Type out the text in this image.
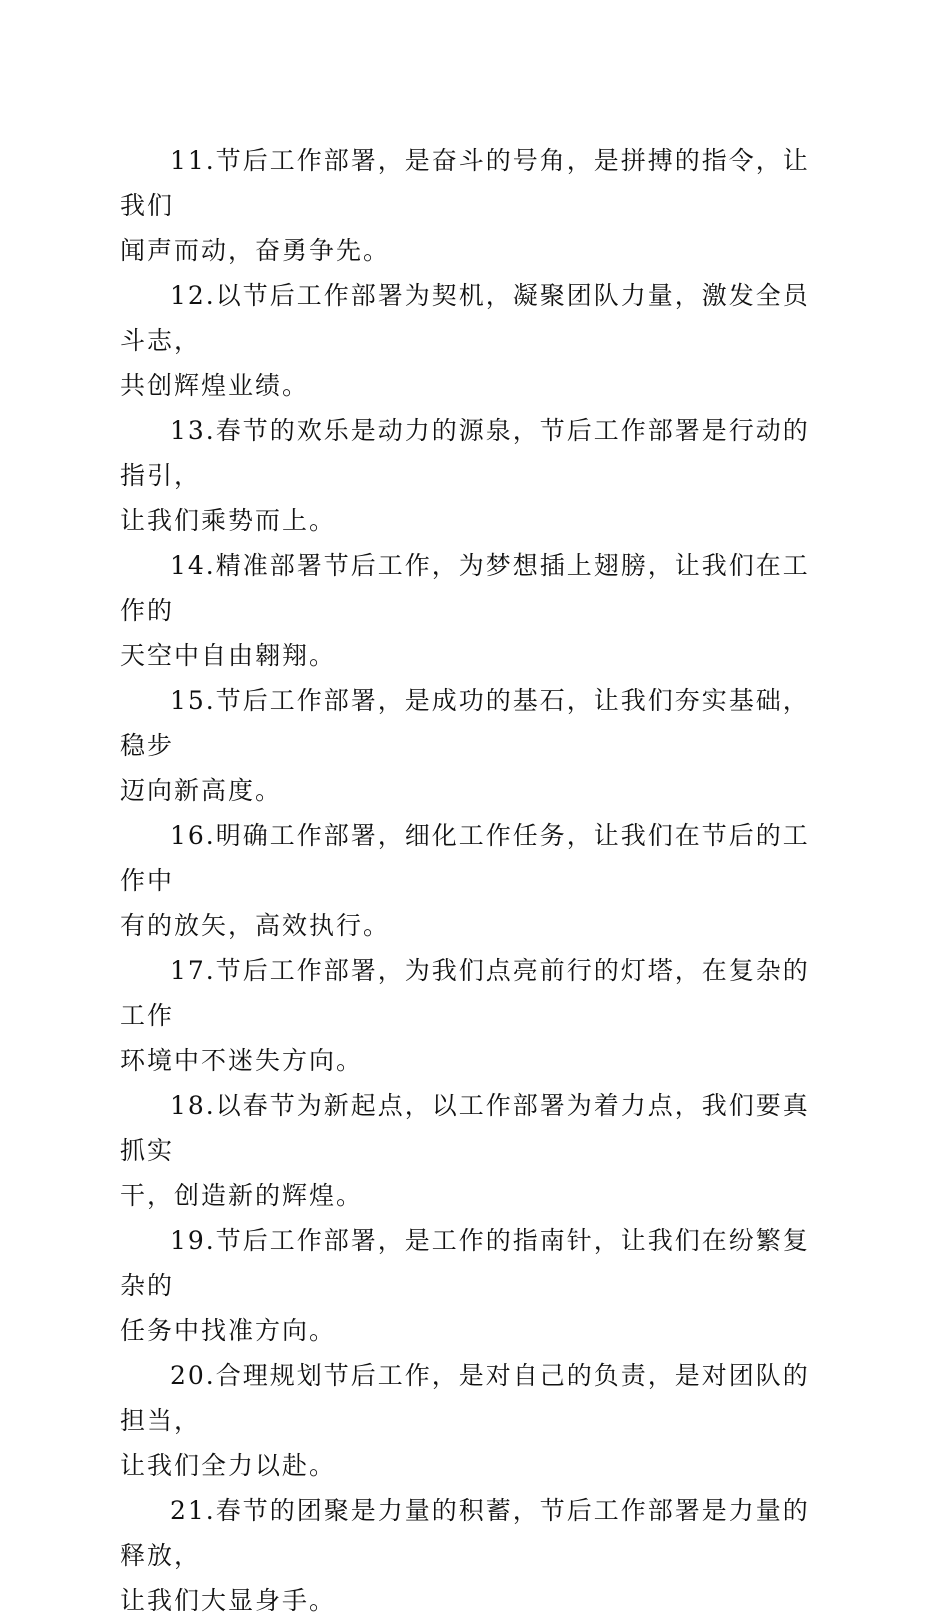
11.节后工作部署，是奋斗的号角，是拼搏的指令，让我们
闻声而动，奋勇争先。

12.以节后工作部署为契机，凝聚团队力量，激发全员斗志，
共创辉煌业绩。

13.春节的欢乐是动力的源泉，节后工作部署是行动的指引，
让我们乘势而上。

14.精准部署节后工作，为梦想插上翅膀，让我们在工作的
天空中自由翱翔。

15.节后工作部署，是成功的基石，让我们夯实基础，稳步
迈向新高度。

16.明确工作部署，细化工作任务，让我们在节后的工作中
有的放矢，高效执行。

17.节后工作部署，为我们点亮前行的灯塔，在复杂的工作
环境中不迷失方向。

18.以春节为新起点，以工作部署为着力点，我们要真抓实
干，创造新的辉煌。

19.节后工作部署，是工作的指南针，让我们在纷繁复杂的
任务中找准方向。

20.合理规划节后工作，是对自己的负责，是对团队的担当，
让我们全力以赴。

21.春节的团聚是力量的积蓄，节后工作部署是力量的释放，
让我们大显身手。
